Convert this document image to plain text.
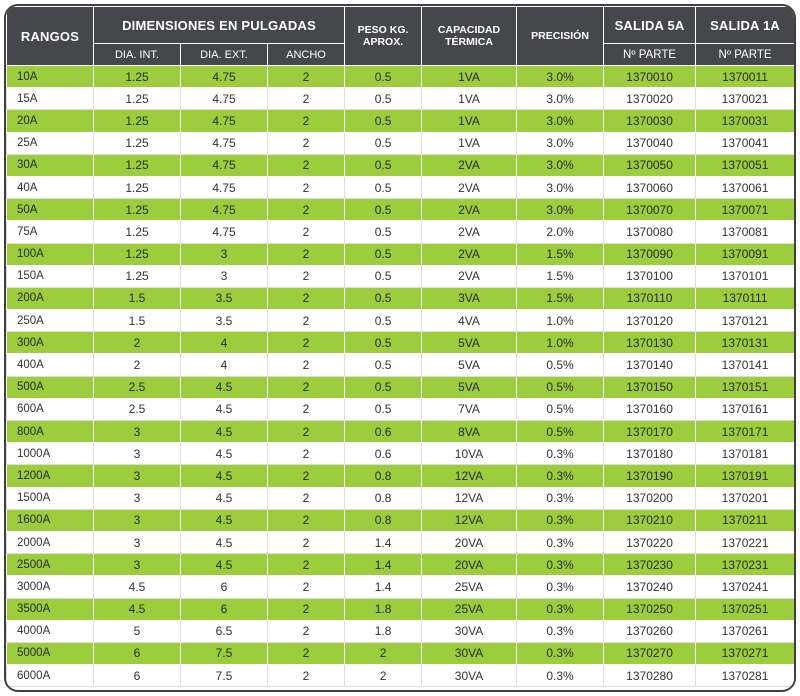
RANGOS	DIMENSIONES EN PULGADAS			PESO KG. APROX.	CAPACIDAD TÉRMICA	PRECISIÓN	SALIDA 5A	SALIDA 1A
	DIA. INT.	DIA. EXT.	ANCHO				Nº PARTE	Nº PARTE
10A	1.25	4.75	2	0.5	1VA	3.0%	1370010	1370011
15A	1.25	4.75	2	0.5	1VA	3.0%	1370020	1370021
20A	1.25	4.75	2	0.5	1VA	3.0%	1370030	1370031
25A	1.25	4.75	2	0.5	1VA	3.0%	1370040	1370041
30A	1.25	4.75	2	0.5	2VA	3.0%	1370050	1370051
40A	1.25	4.75	2	0.5	2VA	3.0%	1370060	1370061
50A	1.25	4.75	2	0.5	2VA	3.0%	1370070	1370071
75A	1.25	4.75	2	0.5	2VA	2.0%	1370080	1370081
100A	1.25	3	2	0.5	2VA	1.5%	1370090	1370091
150A	1.25	3	2	0.5	2VA	1.5%	1370100	1370101
200A	1.5	3.5	2	0.5	3VA	1.5%	1370110	1370111
250A	1.5	3.5	2	0.5	4VA	1.0%	1370120	1370121
300A	2	4	2	0.5	5VA	1.0%	1370130	1370131
400A	2	4	2	0.5	5VA	0.5%	1370140	1370141
500A	2.5	4.5	2	0.5	5VA	0.5%	1370150	1370151
600A	2.5	4.5	2	0.5	7VA	0.5%	1370160	1370161
800A	3	4.5	2	0.6	8VA	0.5%	1370170	1370171
1000A	3	4.5	2	0.6	10VA	0.3%	1370180	1370181
1200A	3	4.5	2	0.8	12VA	0.3%	1370190	1370191
1500A	3	4.5	2	0.8	12VA	0.3%	1370200	1370201
1600A	3	4.5	2	0.8	12VA	0.3%	1370210	1370211
2000A	3	4.5	2	1.4	20VA	0.3%	1370220	1370221
2500A	3	4.5	2	1.4	20VA	0.3%	1370230	1370231
3000A	4.5	6	2	1.4	25VA	0.3%	1370240	1370241
3500A	4.5	6	2	1.8	25VA	0.3%	1370250	1370251
4000A	5	6.5	2	1.8	30VA	0.3%	1370260	1370261
5000A	6	7.5	2	2	30VA	0.3%	1370270	1370271
6000A	6	7.5	2	2	30VA	0.3%	1370280	1370281
